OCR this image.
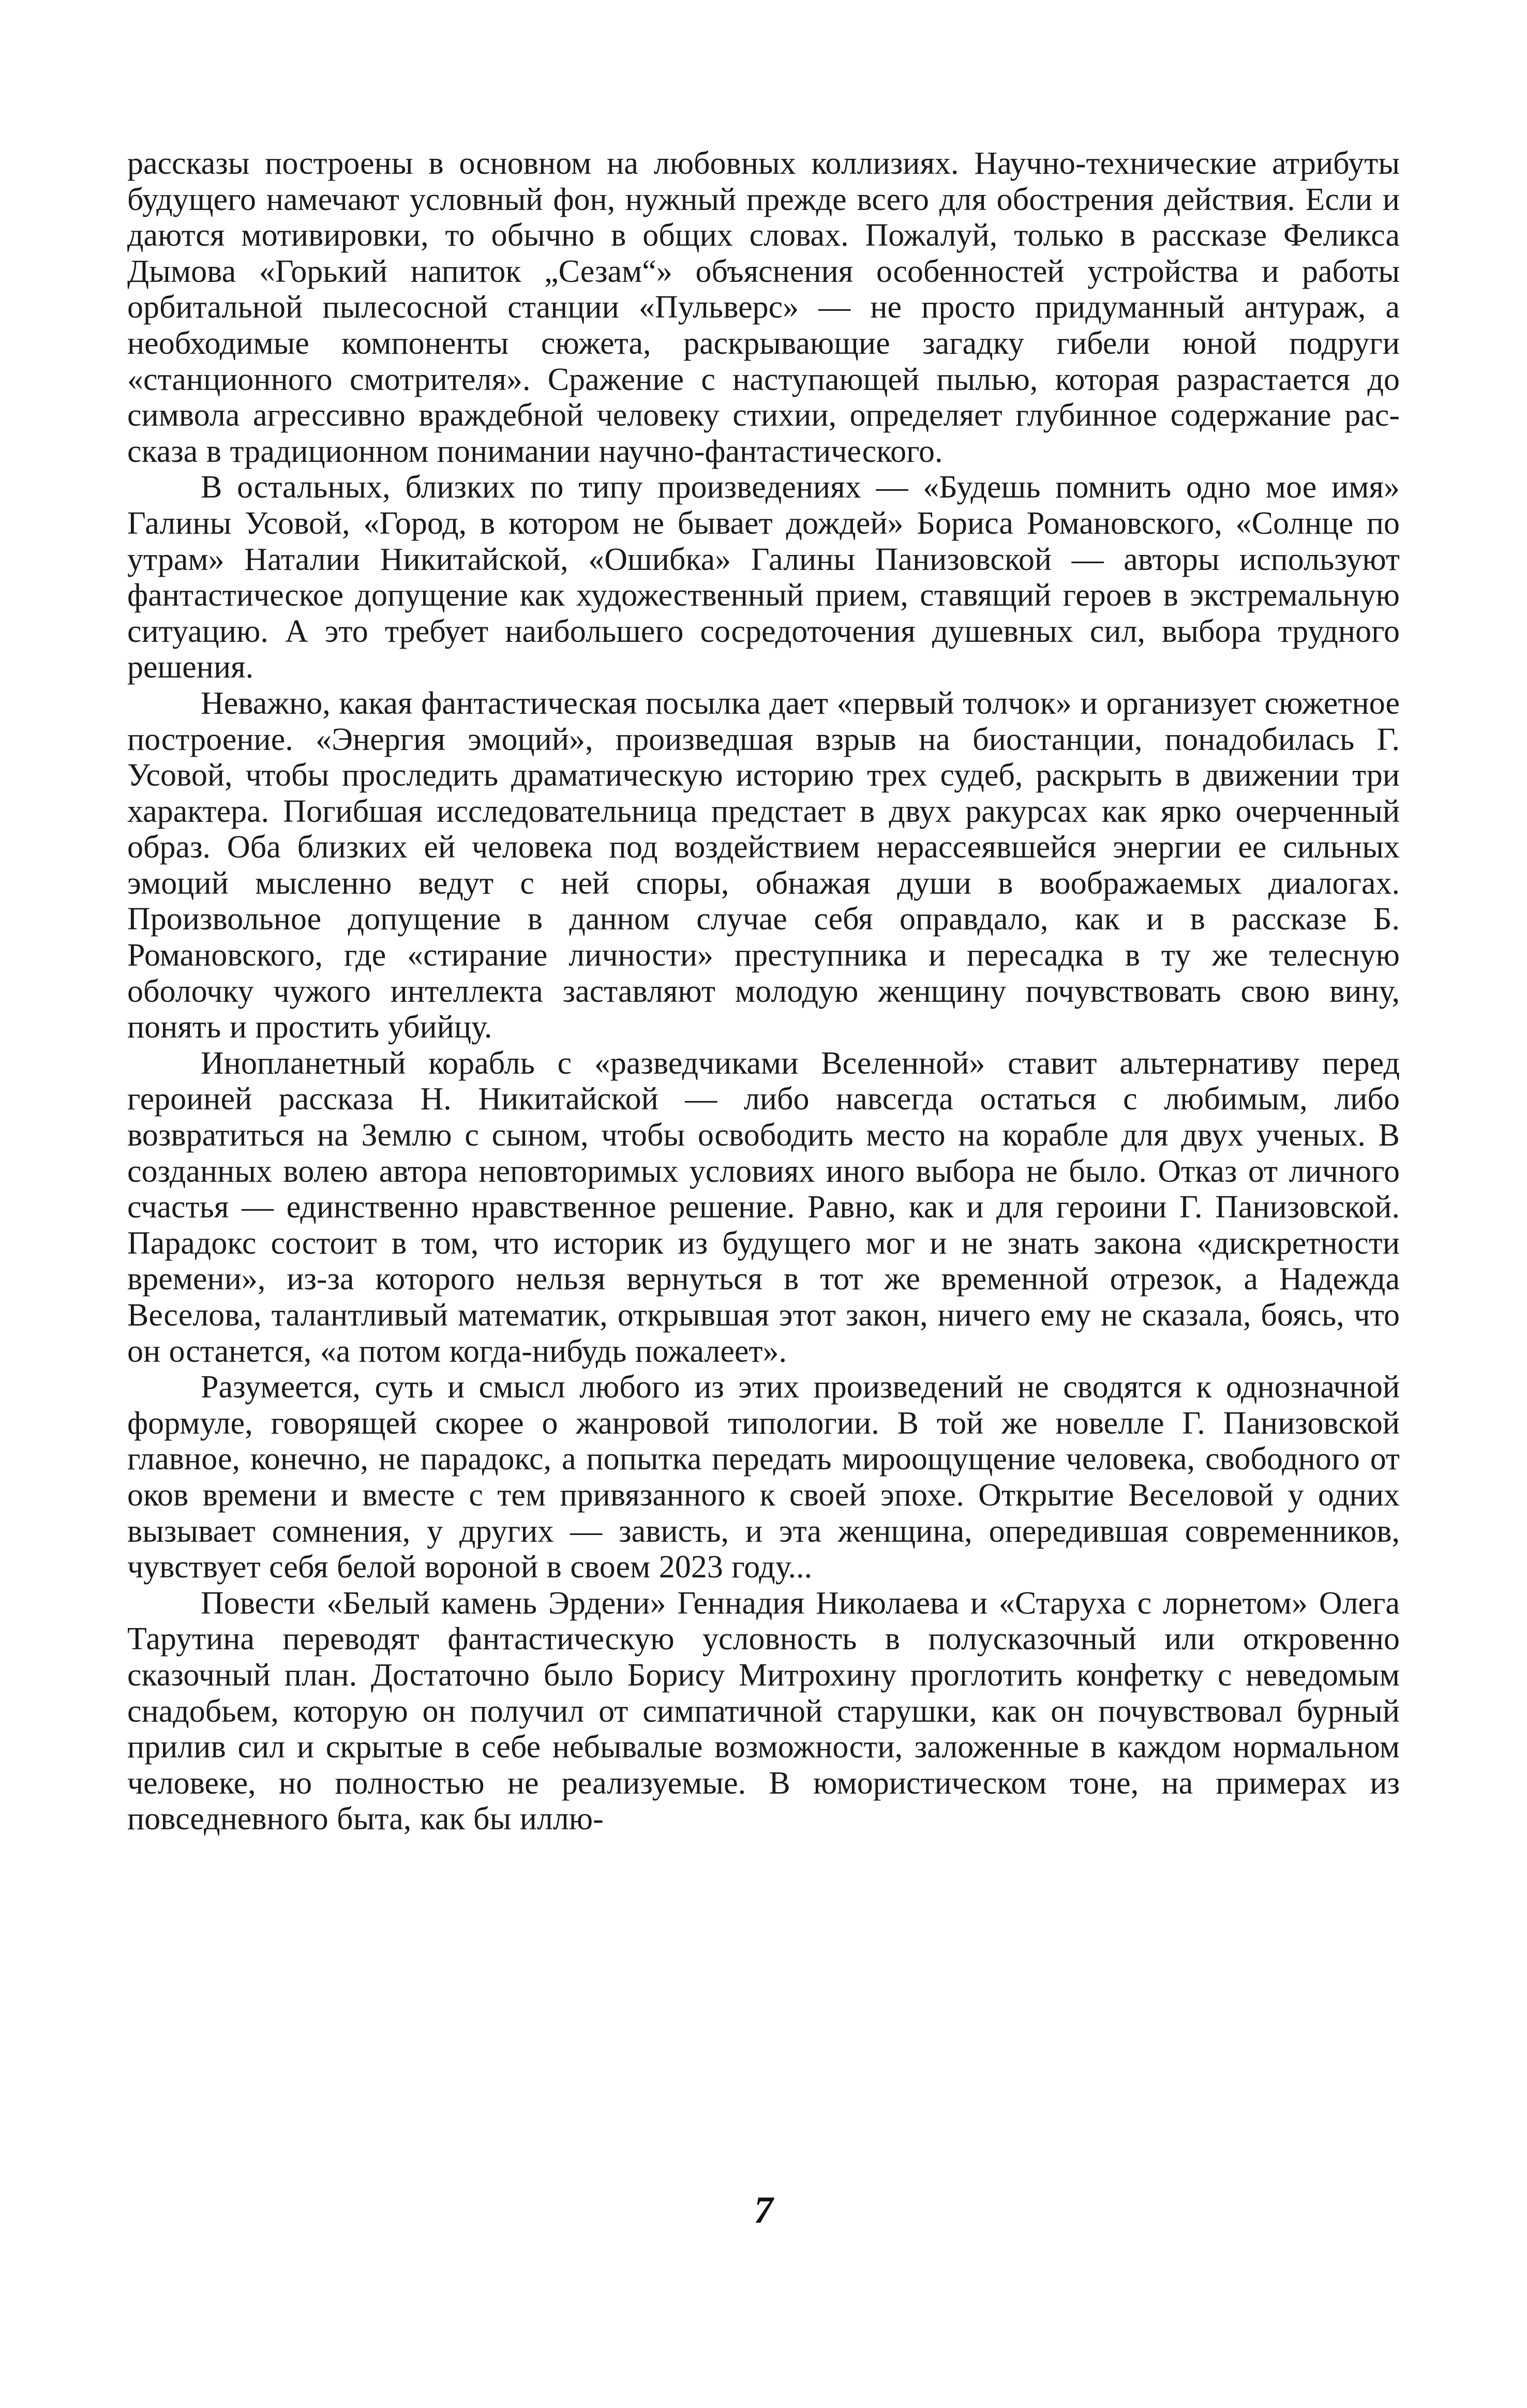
рассказы построены в основном на любовных коллизиях. Научно-технические атрибуты будущего намечают условный фон, нужный прежде всего для обострения действия. Если и даются мотивировки, то обычно в общих словах. Пожалуй, только в рассказе Феликса Дымова «Горький напиток „Сезам“» объяснения особенностей устройства и работы орбитальной пылесосной станции «Пульверс» — не просто придуманный антураж, а необходимые компоненты сюжета, раскрывающие загадку гибели юной подруги «станционного смотрителя». Сражение с наступающей пылью, которая разрастается до символа агрессивно враждебной человеку стихии, определяет глубинное содержание рассказа в традиционном понимании научно-фантастического.

В остальных, близких по типу произведениях — «Будешь помнить одно мое имя» Галины Усовой, «Город, в котором не бывает дождей» Бориса Романовского, «Солнце по утрам» Наталии Никитайской, «Ошибка» Галины Панизовской — авторы используют фантастическое допущение как художественный прием, ставящий героев в экстремальную ситуацию. А это требует наибольшего сосредоточения душевных сил, выбора трудного решения.

Неважно, какая фантастическая посылка дает «первый толчок» и организует сюжетное построение. «Энергия эмоций», произведшая взрыв на биостанции, понадобилась Г. Усовой, чтобы проследить драматическую историю трех судеб, раскрыть в движении три характера. Погибшая исследовательница предстает в двух ракурсах как ярко очерченный образ. Оба близких ей человека под воздействием нерассеявшейся энергии ее сильных эмоций мысленно ведут с ней споры, обнажая души в воображаемых диалогах. Произвольное допущение в данном случае себя оправдало, как и в рассказе Б. Романовского, где «стирание личности» преступника и пересадка в ту же телесную оболочку чужого интеллекта заставляют молодую женщину почувствовать свою вину, понять и простить убийцу.

Инопланетный корабль с «разведчиками Вселенной» ставит альтернативу перед героиней рассказа Н. Никитайской — либо навсегда остаться с любимым, либо возвратиться на Землю с сыном, чтобы освободить место на корабле для двух ученых. В созданных волею автора неповторимых условиях иного выбора не было. Отказ от личного счастья — единственно нравственное решение. Равно, как и для героини Г. Панизовской. Парадокс состоит в том, что историк из будущего мог и не знать закона «дискретности времени», из-за которого нельзя вернуться в тот же временной отрезок, а Надежда Веселова, талантливый математик, открывшая этот закон, ничего ему не сказала, боясь, что он останется, «а потом когда-нибудь пожалеет».

Разумеется, суть и смысл любого из этих произведений не сводятся к однозначной формуле, говорящей скорее о жанровой типологии. В той же новелле Г. Панизовской главное, конечно, не парадокс, а попытка передать мироощущение человека, свободного от оков времени и вместе с тем привязанного к своей эпохе. Открытие Веселовой у одних вызывает сомнения, у других — зависть, и эта женщина, опередившая современников, чувствует себя белой вороной в своем 2023 году...

Повести «Белый камень Эрдени» Геннадия Николаева и «Старуха с лорнетом» Олега Тарутина переводят фантастическую условность в полусказочный или откровенно сказочный план. Достаточно было Борису Митрохину проглотить конфетку с неведомым снадобьем, которую он получил от симпатичной старушки, как он почувствовал бурный прилив сил и скрытые в себе небывалые возможности, заложенные в каждом нормальном человеке, но полностью не реализуемые. В юмористическом тоне, на примерах из повседневного быта, как бы иллю-

7
